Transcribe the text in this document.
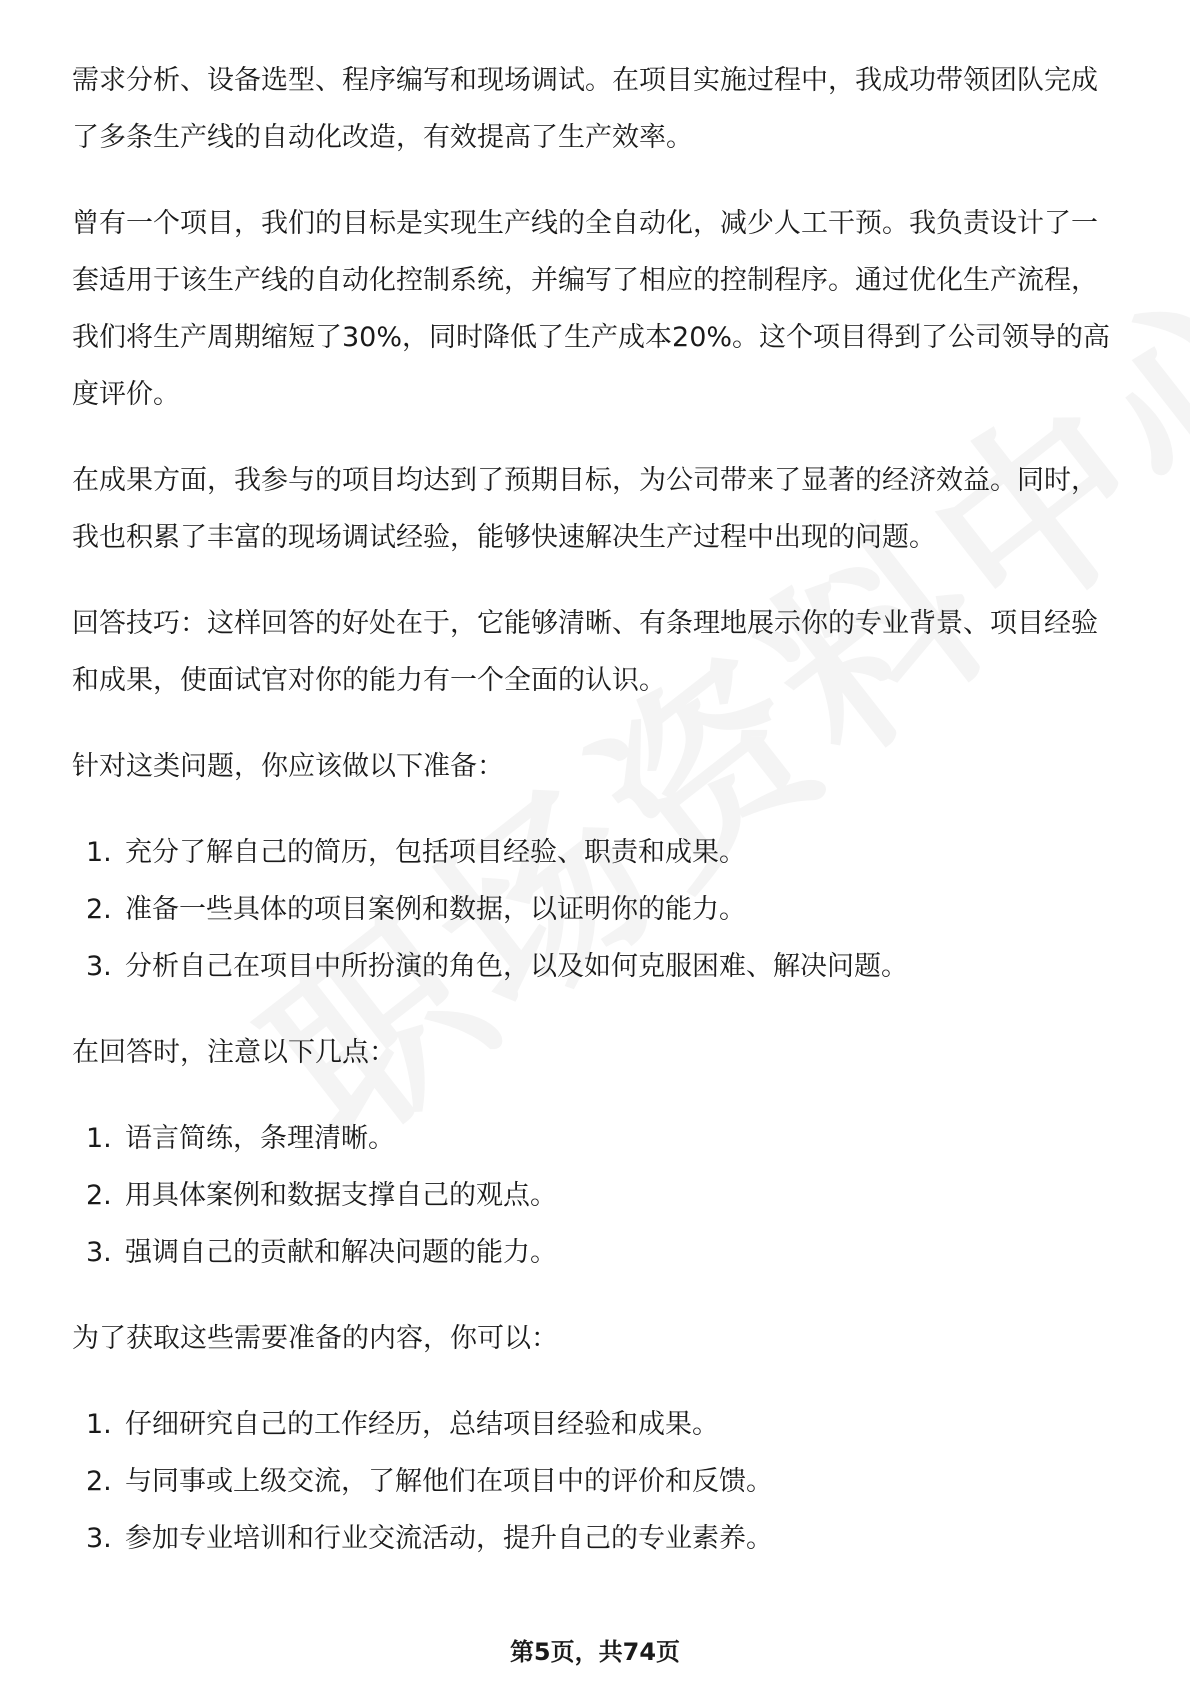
需求分析、设备选型、程序编写和现场调试。在项目实施过程中，我成功带领团队完成了多条生产线的自动化改造，有效提高了生产效率。

曾有一个项目，我们的目标是实现生产线的全自动化，减少人工干预。我负责设计了一套适用于该生产线的自动化控制系统，并编写了相应的控制程序。通过优化生产流程，我们将生产周期缩短了30%，同时降低了生产成本20%。这个项目得到了公司领导的高度评价。

在成果方面，我参与的项目均达到了预期目标，为公司带来了显著的经济效益。同时，我也积累了丰富的现场调试经验，能够快速解决生产过程中出现的问题。

回答技巧：这样回答的好处在于，它能够清晰、有条理地展示你的专业背景、项目经验和成果，使面试官对你的能力有一个全面的认识。

针对这类问题，你应该做以下准备：

1. 充分了解自己的简历，包括项目经验、职责和成果。
2. 准备一些具体的项目案例和数据，以证明你的能力。
3. 分析自己在项目中所扮演的角色，以及如何克服困难、解决问题。

在回答时，注意以下几点：

1. 语言简练，条理清晰。
2. 用具体案例和数据支撑自己的观点。
3. 强调自己的贡献和解决问题的能力。

为了获取这些需要准备的内容，你可以：

1. 仔细研究自己的工作经历，总结项目经验和成果。
2. 与同事或上级交流，了解他们在项目中的评价和反馈。
3. 参加专业培训和行业交流活动，提升自己的专业素养。
第5页，共74页
